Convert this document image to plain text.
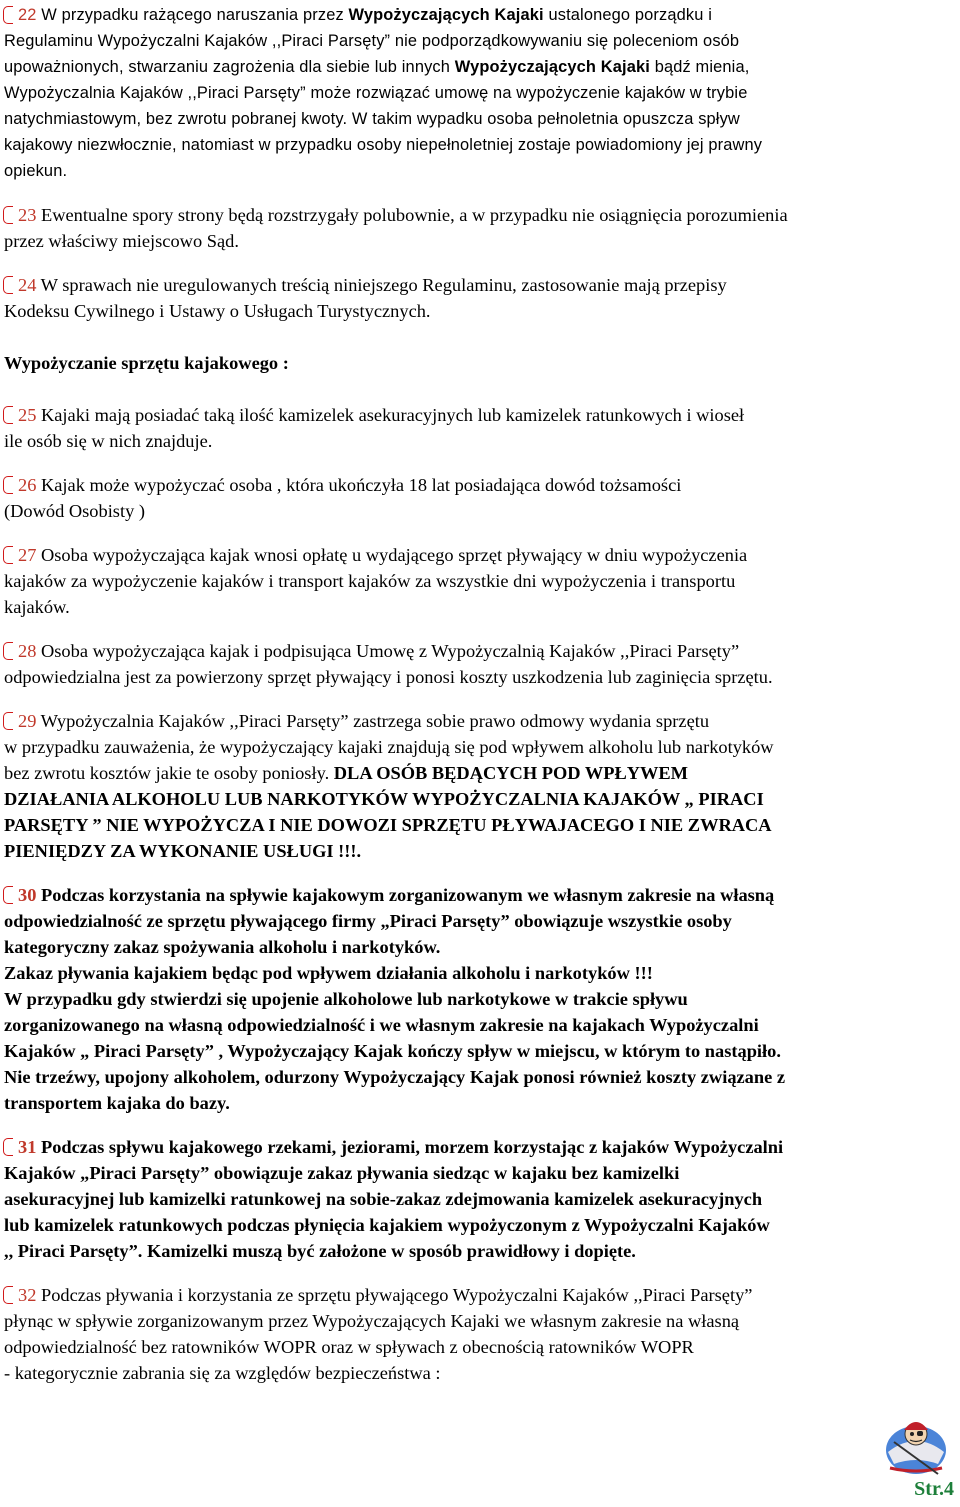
22 W przypadku rażącego naruszania przez Wypożyczających Kajaki ustalonego porządku i
Regulaminu Wypożyczalni Kajaków ,,Piraci Parsęty” nie podporządkowywaniu się poleceniom osób
upoważnionych, stwarzaniu zagrożenia dla siebie lub innych Wypożyczających Kajaki bądź mienia,
Wypożyczalnia Kajaków ,,Piraci Parsęty” może rozwiązać umowę na wypożyczenie kajaków w trybie
natychmiastowym, bez zwrotu pobranej kwoty. W takim wypadku osoba pełnoletnia opuszcza spływ
kajakowy niezwłocznie, natomiast w przypadku osoby niepełnoletniej zostaje powiadomiony jej prawny
opiekun.
23 Ewentualne spory strony będą rozstrzygały polubownie, a w przypadku nie osiągnięcia porozumienia
przez właściwy miejscowo Sąd.
24 W sprawach nie uregulowanych treścią niniejszego Regulaminu, zastosowanie mają przepisy
Kodeksu Cywilnego i Ustawy o Usługach Turystycznych.
Wypożyczanie sprzętu kajakowego :
25 Kajaki mają posiadać taką ilość kamizelek asekuracyjnych lub kamizelek ratunkowych i wioseł
ile osób się w nich znajduje.
26 Kajak może wypożyczać osoba , która ukończyła 18 lat posiadająca dowód tożsamości
(Dowód Osobisty )
27 Osoba wypożyczająca kajak wnosi opłatę u wydającego sprzęt pływający w dniu wypożyczenia
kajaków za wypożyczenie kajaków i transport kajaków za wszystkie dni wypożyczenia i transportu
kajaków.
28 Osoba wypożyczająca kajak i podpisująca Umowę z Wypożyczalnią Kajaków ,,Piraci Parsęty”
odpowiedzialna jest za powierzony sprzęt pływający i ponosi koszty uszkodzenia lub zaginięcia sprzętu.
29 Wypożyczalnia Kajaków ,,Piraci Parsęty” zastrzega sobie prawo odmowy wydania sprzętu
w przypadku zauważenia, że wypożyczający kajaki znajdują się pod wpływem alkoholu lub narkotyków
bez zwrotu kosztów jakie te osoby poniosły. DLA OSÓB BĘDĄCYCH POD WPŁYWEM
DZIAŁANIA ALKOHOLU LUB NARKOTYKÓW WYPOŻYCZALNIA KAJAKÓW „ PIRACI
PARSĘTY ” NIE WYPOŻYCZA I NIE DOWOZI SPRZĘTU PŁYWAJACEGO I NIE ZWRACA
PIENIĘDZY ZA WYKONANIE USŁUGI !!!.
30 Podczas korzystania na spływie kajakowym zorganizowanym we własnym zakresie na własną
odpowiedzialność ze sprzętu pływającego firmy „Piraci Parsęty” obowiązuje wszystkie osoby
kategoryczny zakaz spożywania alkoholu i narkotyków.
Zakaz pływania kajakiem będąc pod wpływem działania alkoholu i narkotyków !!!
W przypadku gdy stwierdzi się upojenie alkoholowe lub narkotykowe w trakcie spływu
zorganizowanego na własną odpowiedzialność i we własnym zakresie na kajakach Wypożyczalni
Kajaków „ Piraci Parsęty” , Wypożyczający Kajak kończy spływ w miejscu, w którym to nastąpiło.
Nie trzeźwy, upojony alkoholem, odurzony Wypożyczający Kajak ponosi również koszty związane z
transportem kajaka do bazy.
31 Podczas spływu kajakowego rzekami, jeziorami, morzem korzystając z kajaków Wypożyczalni
Kajaków „Piraci Parsęty” obowiązuje zakaz pływania siedząc w kajaku bez kamizelki
asekuracyjnej lub kamizelki ratunkowej na sobie-zakaz zdejmowania kamizelek asekuracyjnych
lub kamizelek ratunkowych podczas płynięcia kajakiem wypożyczonym z Wypożyczalni Kajaków
,, Piraci Parsęty”. Kamizelki muszą być założone w sposób prawidłowy i dopięte.
32 Podczas pływania i korzystania ze sprzętu pływającego Wypożyczalni Kajaków ,,Piraci Parsęty”
płynąc w spływie zorganizowanym przez Wypożyczających Kajaki we własnym zakresie na własną
odpowiedzialność bez ratowników WOPR oraz w spływach z obecnością ratowników WOPR
- kategorycznie zabrania się za względów bezpieczeństwa :
Str.4
